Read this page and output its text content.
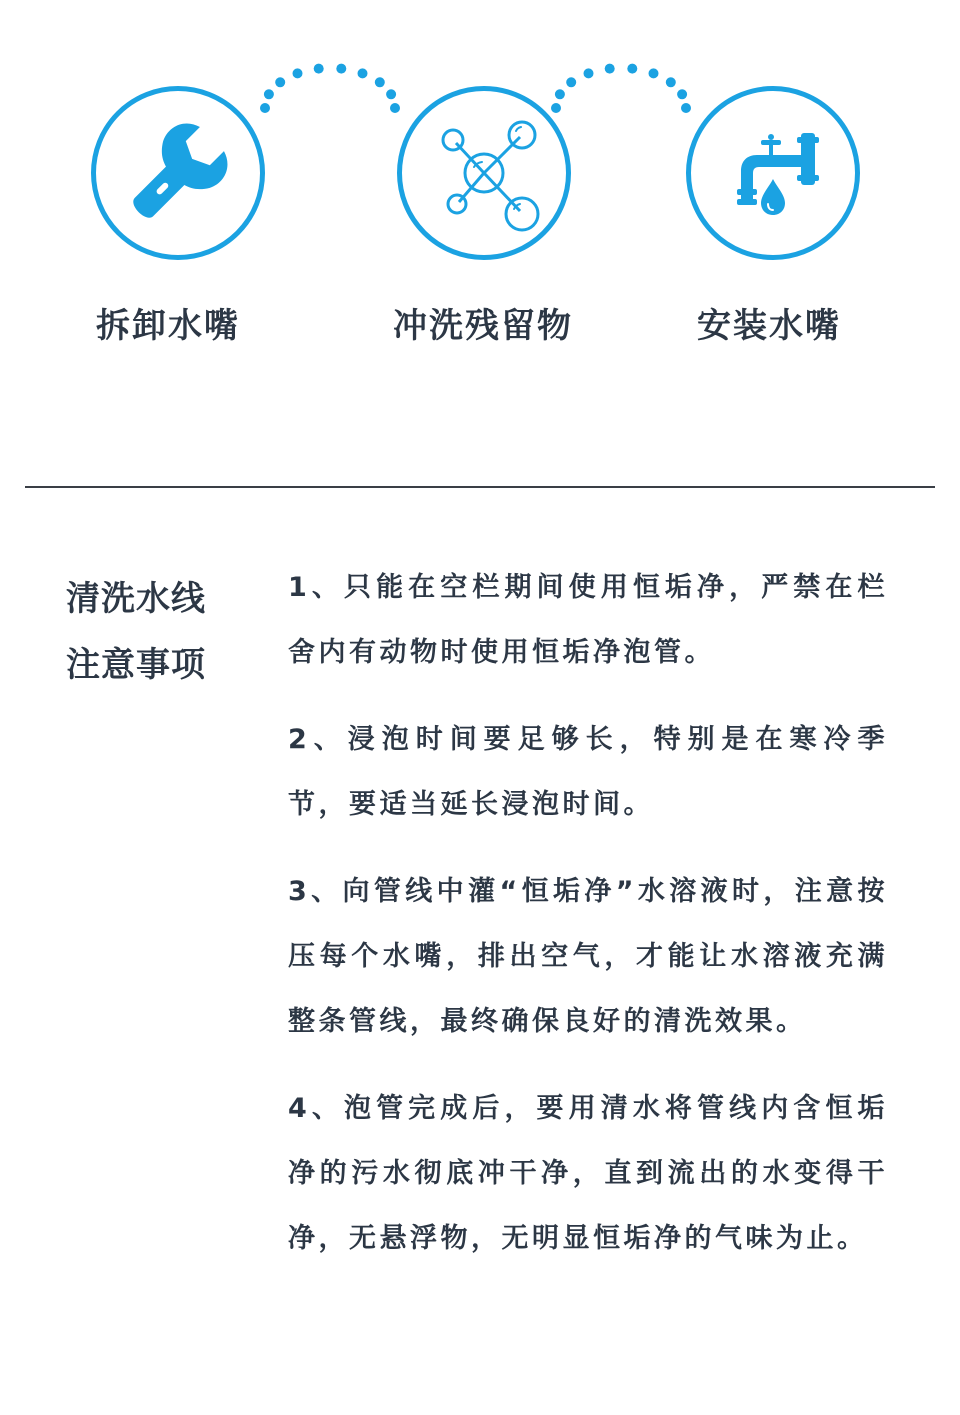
拆卸水嘴	冲洗残留物	安装水嘴
清洗水线
注意事项

1、只能在空栏期间使用恒垢净，严禁在栏舍内有动物时使用恒垢净泡管。

2、浸泡时间要足够长，特别是在寒冷季节，要适当延长浸泡时间。

3、向管线中灌“恒垢净”水溶液时，注意按压每个水嘴，排出空气，才能让水溶液充满整条管线，最终确保良好的清洗效果。

4、泡管完成后，要用清水将管线内含恒垢净的污水彻底冲干净，直到流出的水变得干净，无悬浮物，无明显恒垢净的气味为止。
